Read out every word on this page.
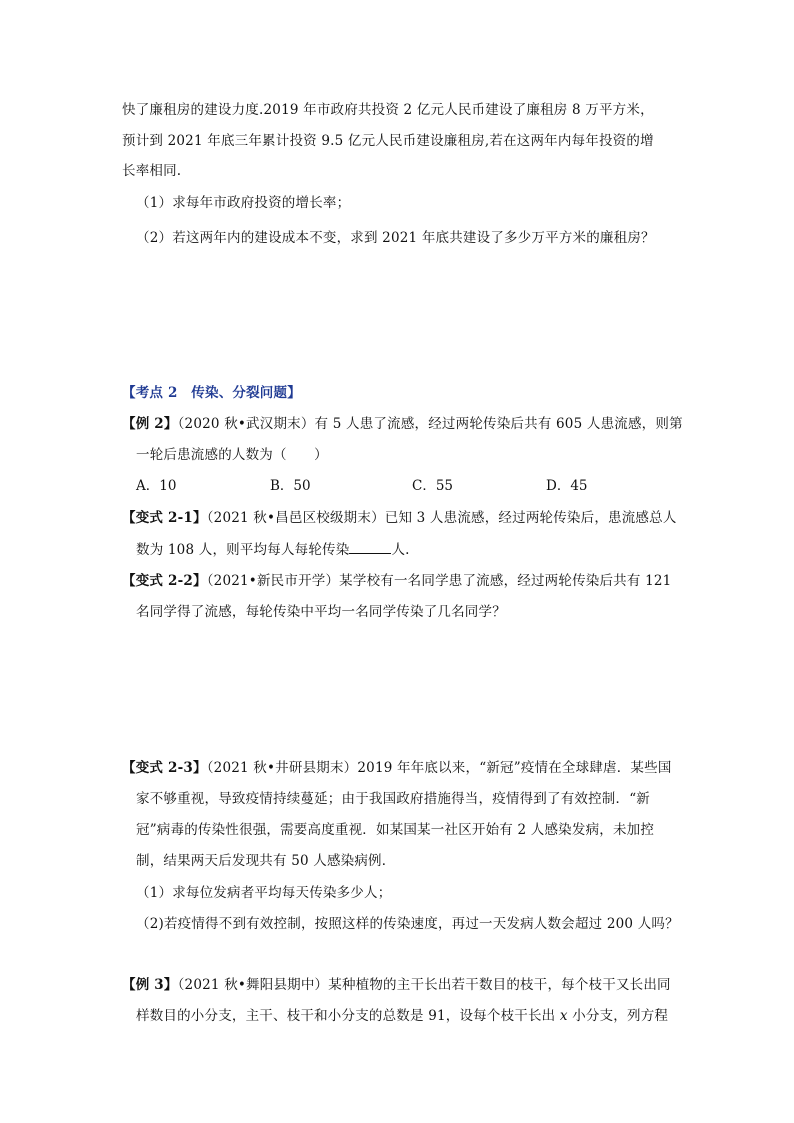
快了廉租房的建设力度.2019 年市政府共投资 2 亿元人民币建设了廉租房 8 万平方米，
预计到 2021 年底三年累计投资 9.5 亿元人民币建设廉租房,若在这两年内每年投资的增
长率相同.
（1）求每年市政府投资的增长率；
（2）若这两年内的建设成本不变，求到 2021 年底共建设了多少万平方米的廉租房？
【考点 2　传染、分裂问题】
【例 2】（2020 秋•武汉期末）有 5 人患了流感，经过两轮传染后共有 605 人患流感，则第
一轮后患流感的人数为（　　）
A．10	B．50	C．55	D．45
【变式 2-1】（2021 秋•昌邑区校级期末）已知 3 人患流感，经过两轮传染后，患流感总人
数为 108 人，则平均每人每轮传染	人.
【变式 2-2】（2021•新民市开学）某学校有一名同学患了流感，经过两轮传染后共有 121
名同学得了流感，每轮传染中平均一名同学传染了几名同学？
【变式 2-3】（2021 秋•井研县期末）2019 年年底以来，“新冠”疫情在全球肆虐．某些国
家不够重视，导致疫情持续蔓延；由于我国政府措施得当，疫情得到了有效控制．“新
冠”病毒的传染性很强，需要高度重视．如某国某一社区开始有 2 人感染发病，未加控
制，结果两天后发现共有 50 人感染病例．
（1）求每位发病者平均每天传染多少人；
（2)若疫情得不到有效控制，按照这样的传染速度，再过一天发病人数会超过 200 人吗？
【例 3】（2021 秋•舞阳县期中）某种植物的主干长出若干数目的枝干，每个枝干又长出同
样数目的小分支，主干、枝干和小分支的总数是 91，设每个枝干长出 x 小分支，列方程
